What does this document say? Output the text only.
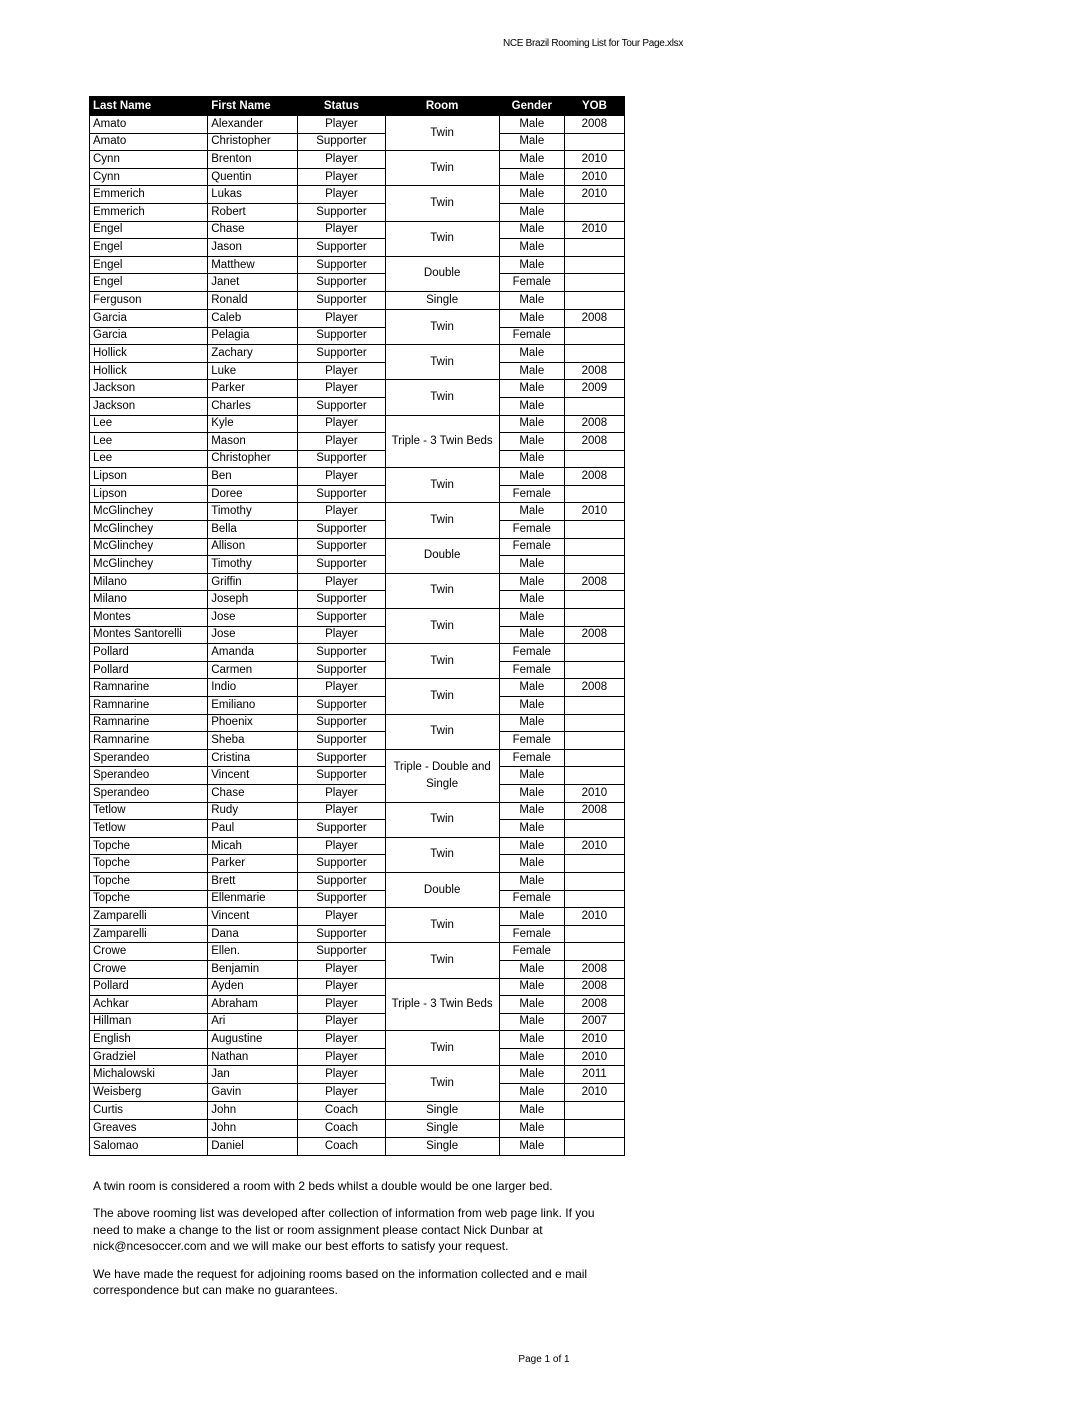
NCE Brazil Rooming List for Tour Page.xlsx
Last Name	First Name	Status	Room	Gender	YOB
Amato	Alexander	Player	Twin	Male	2008
Amato	Christopher	Supporter		Male	
Cynn	Brenton	Player	Twin	Male	2010
Cynn	Quentin	Player		Male	2010
Emmerich	Lukas	Player	Twin	Male	2010
Emmerich	Robert	Supporter		Male	
Engel	Chase	Player	Twin	Male	2010
Engel	Jason	Supporter		Male	
Engel	Matthew	Supporter	Double	Male	
Engel	Janet	Supporter		Female	
Ferguson	Ronald	Supporter	Single	Male	
Garcia	Caleb	Player	Twin	Male	2008
Garcia	Pelagia	Supporter		Female	
Hollick	Zachary	Supporter	Twin	Male	
Hollick	Luke	Player		Male	2008
Jackson	Parker	Player	Twin	Male	2009
Jackson	Charles	Supporter		Male	
Lee	Kyle	Player	Triple - 3 Twin Beds	Male	2008
Lee	Mason	Player		Male	2008
Lee	Christopher	Supporter		Male	
Lipson	Ben	Player	Twin	Male	2008
Lipson	Doree	Supporter		Female	
McGlinchey	Timothy	Player	Twin	Male	2010
McGlinchey	Bella	Supporter		Female	
McGlinchey	Allison	Supporter	Double	Female	
McGlinchey	Timothy	Supporter		Male	
Milano	Griffin	Player	Twin	Male	2008
Milano	Joseph	Supporter		Male	
Montes	Jose	Supporter	Twin	Male	
Montes Santorelli	Jose	Player		Male	2008
Pollard	Amanda	Supporter	Twin	Female	
Pollard	Carmen	Supporter		Female	
Ramnarine	Indio	Player	Twin	Male	2008
Ramnarine	Emiliano	Supporter		Male	
Ramnarine	Phoenix	Supporter	Twin	Male	
Ramnarine	Sheba	Supporter		Female	
Sperandeo	Cristina	Supporter	Triple - Double and Single	Female	
Sperandeo	Vincent	Supporter		Male	
Sperandeo	Chase	Player		Male	2010
Tetlow	Rudy	Player	Twin	Male	2008
Tetlow	Paul	Supporter		Male	
Topche	Micah	Player	Twin	Male	2010
Topche	Parker	Supporter		Male	
Topche	Brett	Supporter	Double	Male	
Topche	Ellenmarie	Supporter		Female	
Zamparelli	Vincent	Player	Twin	Male	2010
Zamparelli	Dana	Supporter		Female	
Crowe	Ellen.	Supporter	Twin	Female	
Crowe	Benjamin	Player		Male	2008
Pollard	Ayden	Player	Triple - 3 Twin Beds	Male	2008
Achkar	Abraham	Player		Male	2008
Hillman	Ari	Player		Male	2007
English	Augustine	Player	Twin	Male	2010
Gradziel	Nathan	Player		Male	2010
Michalowski	Jan	Player	Twin	Male	2011
Weisberg	Gavin	Player		Male	2010
Curtis	John	Coach	Single	Male	
Greaves	John	Coach	Single	Male	
Salomao	Daniel	Coach	Single	Male	

A twin room is considered a room with 2 beds whilst a double would be one larger bed.

The above rooming list was developed after collection of information from web page link. If you need to make a change to the list or room assignment please contact Nick Dunbar at nick@ncesoccer.com and we will make our best efforts to satisfy your request.

We have made the request for adjoining rooms based on the information collected and e mail correspondence but can make no guarantees.

Page 1 of 1
